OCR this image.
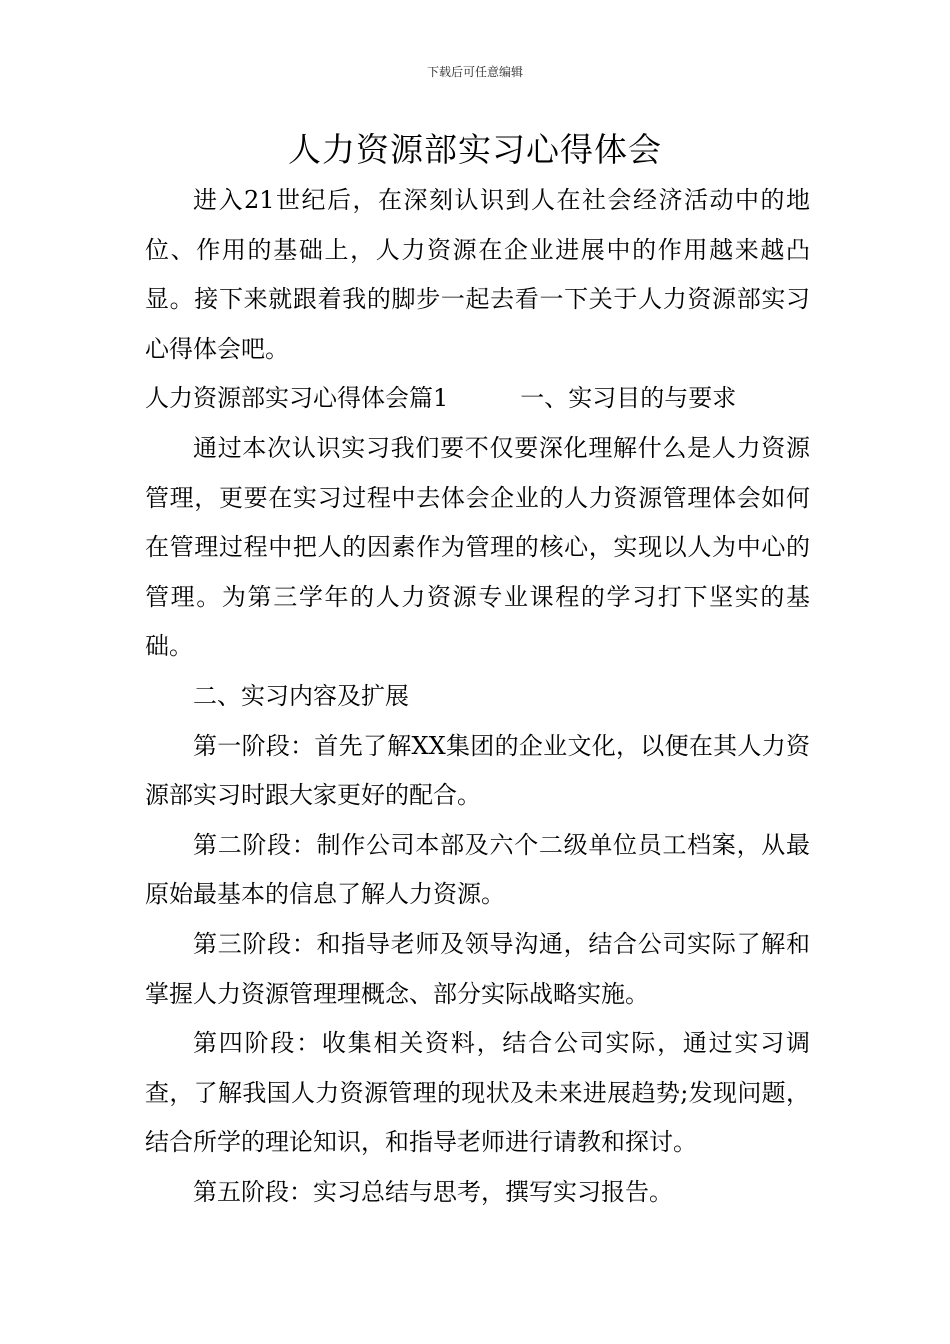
下载后可任意编辑
人力资源部实习心得体会

进入21世纪后，在深刻认识到人在社会经济活动中的地位、作用的基础上，人力资源在企业进展中的作用越来越凸显。接下来就跟着我的脚步一起去看一下关于人力资源部实习心得体会吧。

人力资源部实习心得体会篇1　　　一、实习目的与要求

通过本次认识实习我们要不仅要深化理解什么是人力资源管理，更要在实习过程中去体会企业的人力资源管理体会如何在管理过程中把人的因素作为管理的核心，实现以人为中心的管理。为第三学年的人力资源专业课程的学习打下坚实的基础。

二、实习内容及扩展

第一阶段：首先了解XX集团的企业文化，以便在其人力资源部实习时跟大家更好的配合。

第二阶段：制作公司本部及六个二级单位员工档案，从最原始最基本的信息了解人力资源。

第三阶段：和指导老师及领导沟通，结合公司实际了解和掌握人力资源管理理概念、部分实际战略实施。

第四阶段：收集相关资料，结合公司实际，通过实习调查，了解我国人力资源管理的现状及未来进展趋势;发现问题，结合所学的理论知识，和指导老师进行请教和探讨。

第五阶段：实习总结与思考，撰写实习报告。
